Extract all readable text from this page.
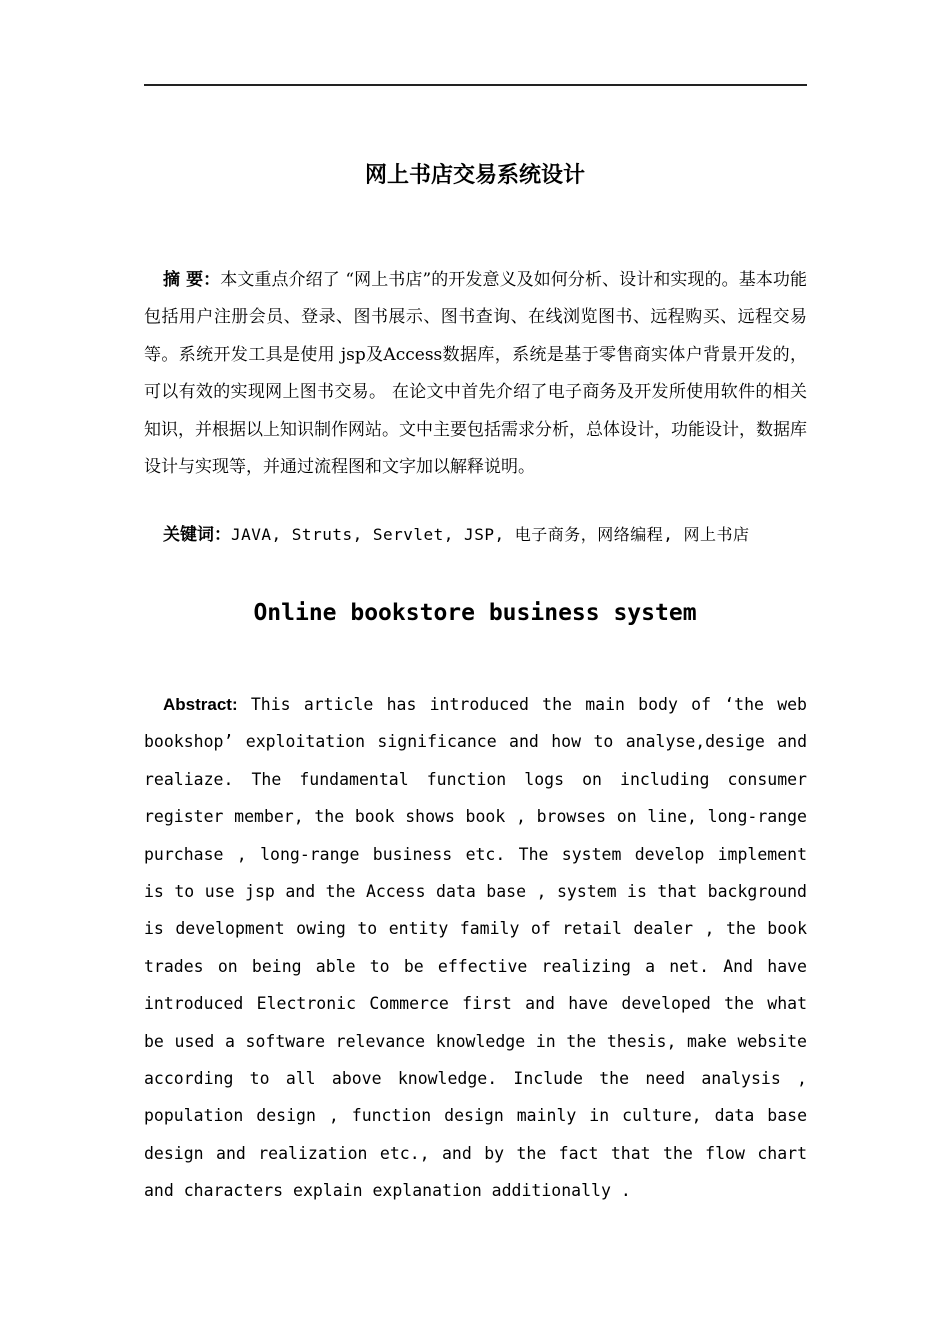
网上书店交易系统设计
摘 要：本文重点介绍了 “网上书店”的开发意义及如何分析、设计和实现的。基本功能包括用户注册会员、登录、图书展示、图书查询、在线浏览图书、远程购买、远程交易等。系统开发工具是使用 jsp及Access数据库，系统是基于零售商实体户背景开发的，可以有效的实现网上图书交易。 在论文中首先介绍了电子商务及开发所使用软件的相关知识，并根据以上知识制作网站。文中主要包括需求分析，总体设计，功能设计，数据库设计与实现等，并通过流程图和文字加以解释说明。
关键词：JAVA, Struts, Servlet, JSP, 电子商务，网络编程, 网上书店
Online bookstore business system
Abstract: This article has introduced the main body of ‘the web bookshop’ exploitation significance and how to analyse,desige and realiaze. The fundamental function logs on including consumer register member, the book shows book , browses on line, long-range purchase , long-range business etc. The system develop implement is to use jsp and the Access data base , system is that background is development owing to entity family of retail dealer , the book trades on being able to be effective realizing a net. And have introduced Electronic Commerce first and have developed the what be used a software relevance knowledge in the thesis, make website according to all above knowledge. Include the need analysis , population design , function design mainly in culture, data base design and realization etc., and by the fact that the flow chart and characters explain explanation additionally .
